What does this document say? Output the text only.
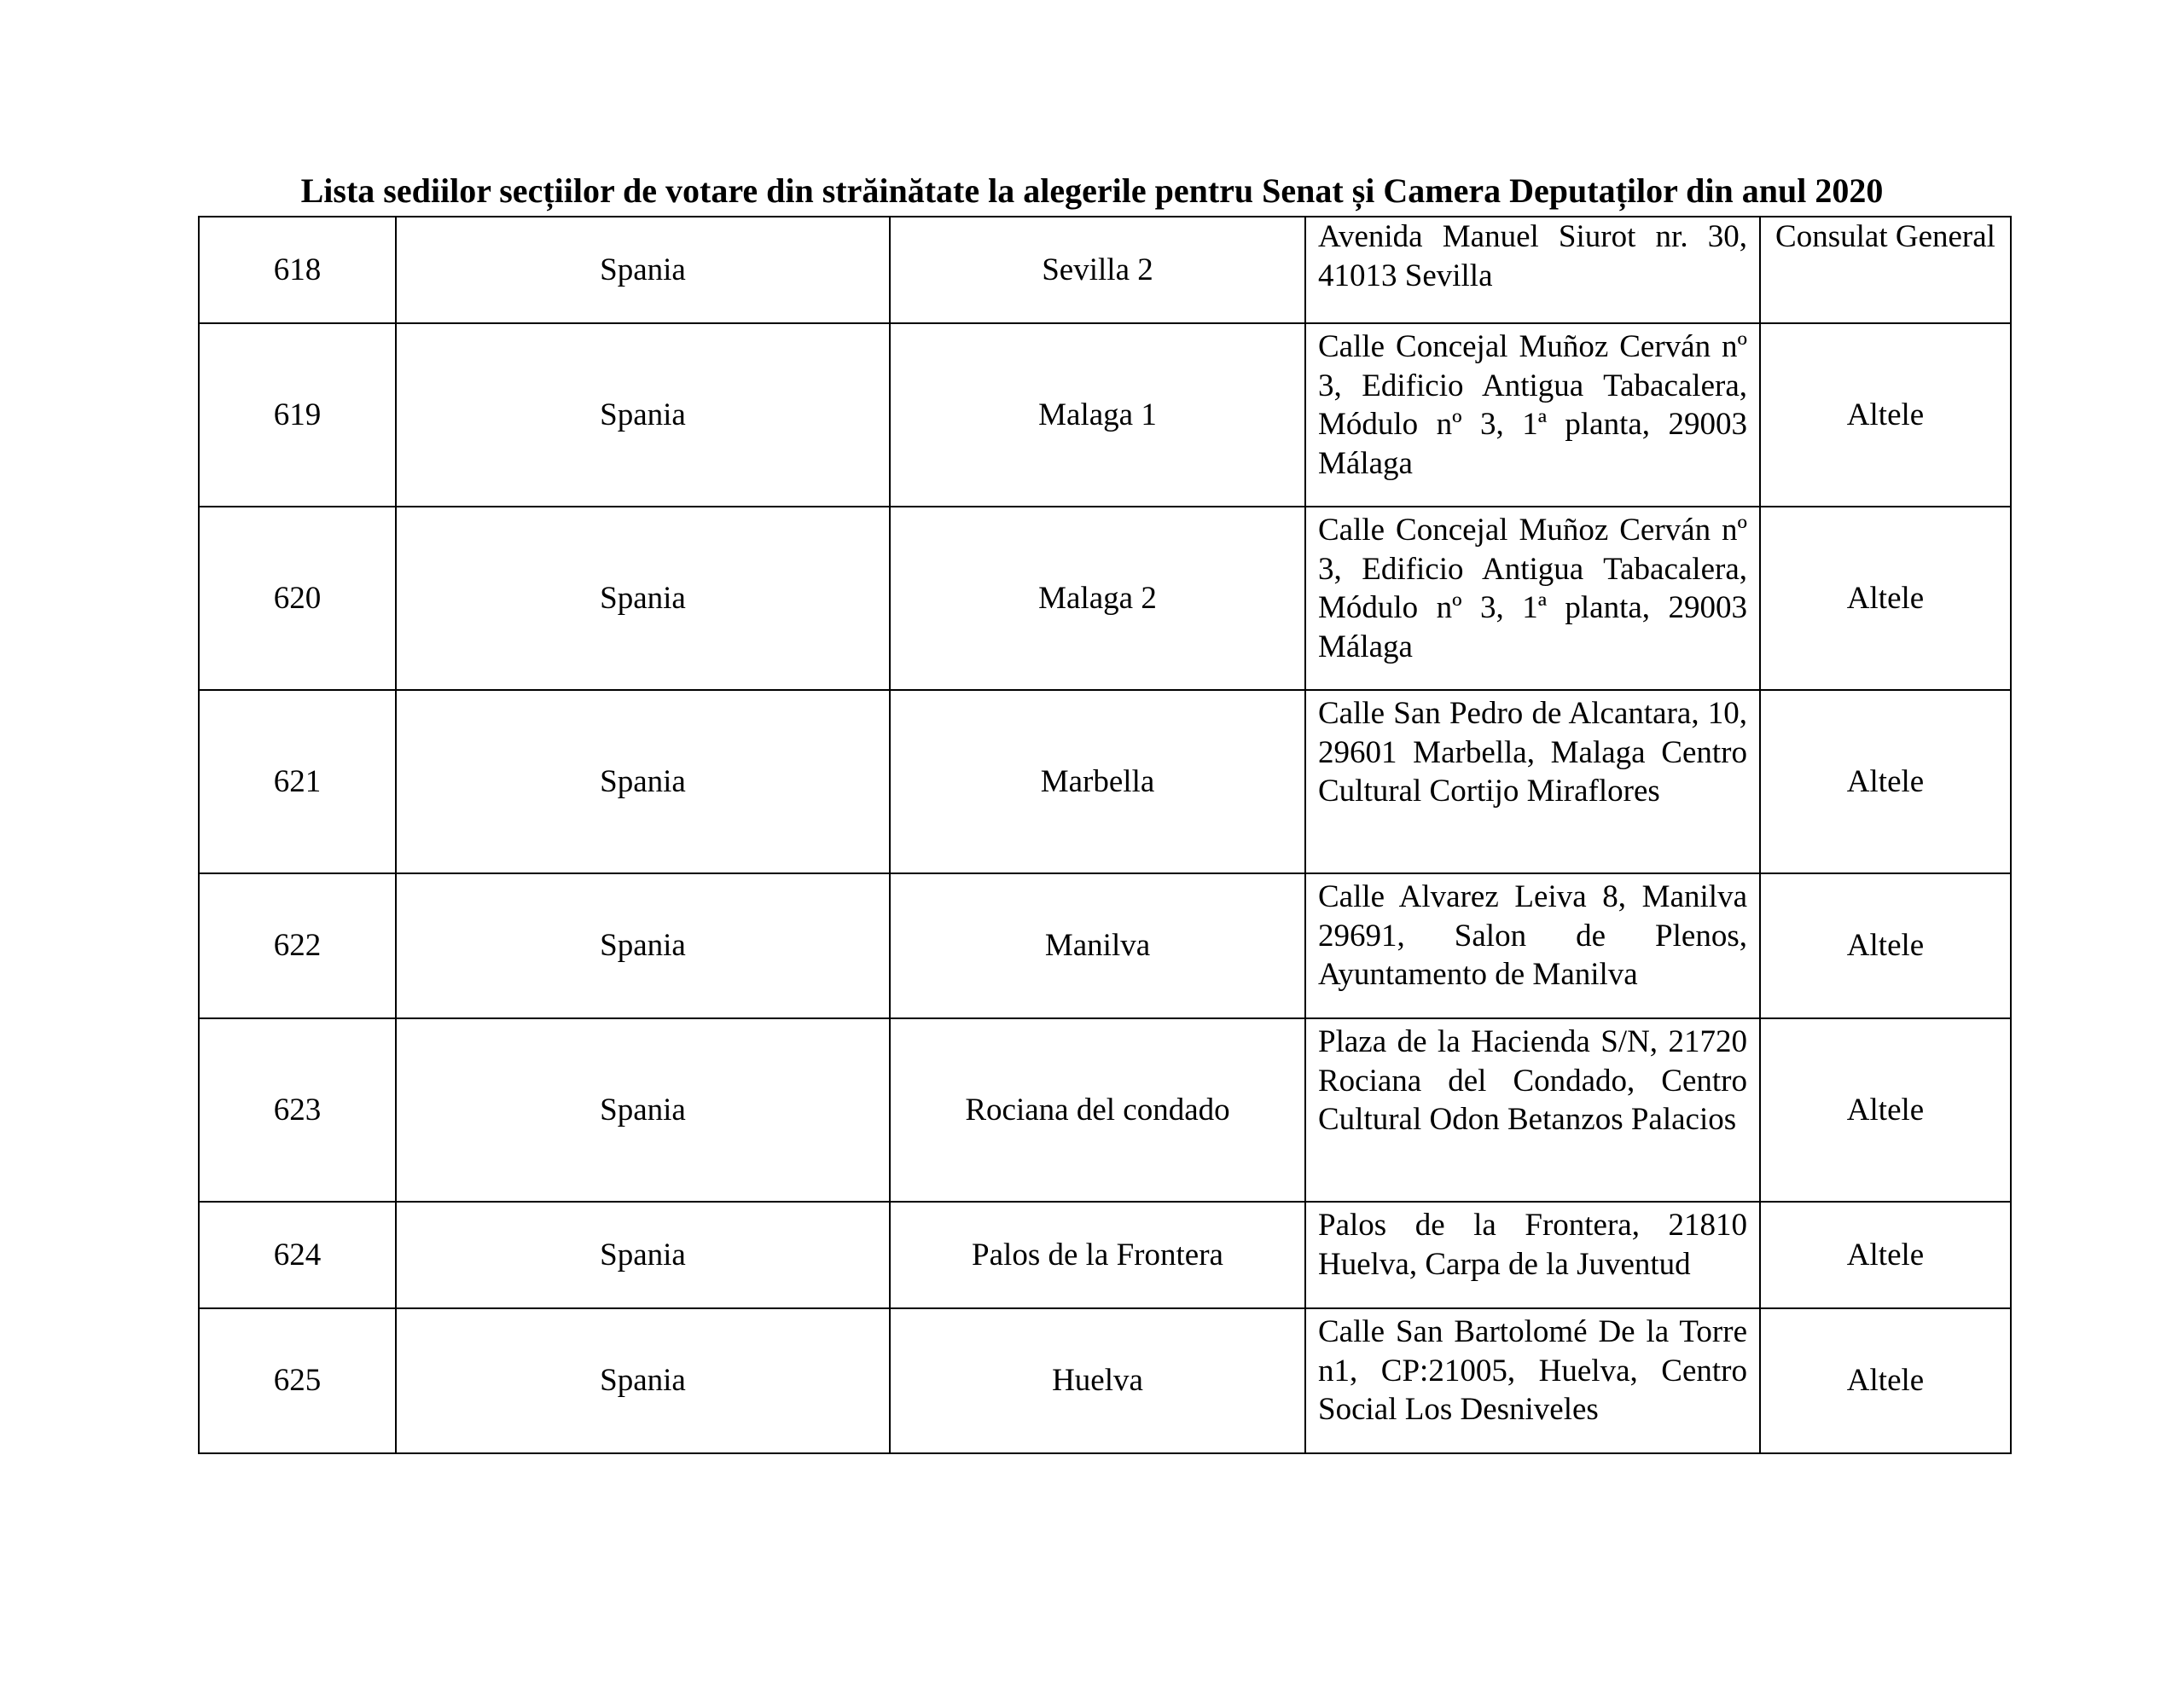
Lista sediilor secțiilor de votare din străinătate la alegerile pentru Senat și Camera Deputaților din anul 2020
618	Spania	Sevilla 2	Avenida Manuel Siurot nr. 30, 41013 Sevilla	Consulat General
619	Spania	Malaga 1	Calle Concejal Muñoz Cerván nº 3, Edificio Antigua Tabacalera, Módulo nº 3, 1ª planta, 29003 Málaga	Altele
620	Spania	Malaga 2	Calle Concejal Muñoz Cerván nº 3, Edificio Antigua Tabacalera, Módulo nº 3, 1ª planta, 29003 Málaga	Altele
621	Spania	Marbella	Calle San Pedro de Alcantara, 10, 29601 Marbella, Malaga Centro Cultural Cortijo Miraflores	Altele
622	Spania	Manilva	Calle Alvarez Leiva 8, Manilva 29691, Salon de Plenos, Ayuntamento de Manilva	Altele
623	Spania	Rociana del condado	Plaza de la Hacienda S/N, 21720 Rociana del Condado, Centro Cultural Odon Betanzos Palacios	Altele
624	Spania	Palos de la Frontera	Palos de la Frontera, 21810 Huelva, Carpa de la Juventud	Altele
625	Spania	Huelva	Calle San Bartolomé De la Torre n1, CP:21005, Huelva, Centro Social Los Desniveles	Altele
